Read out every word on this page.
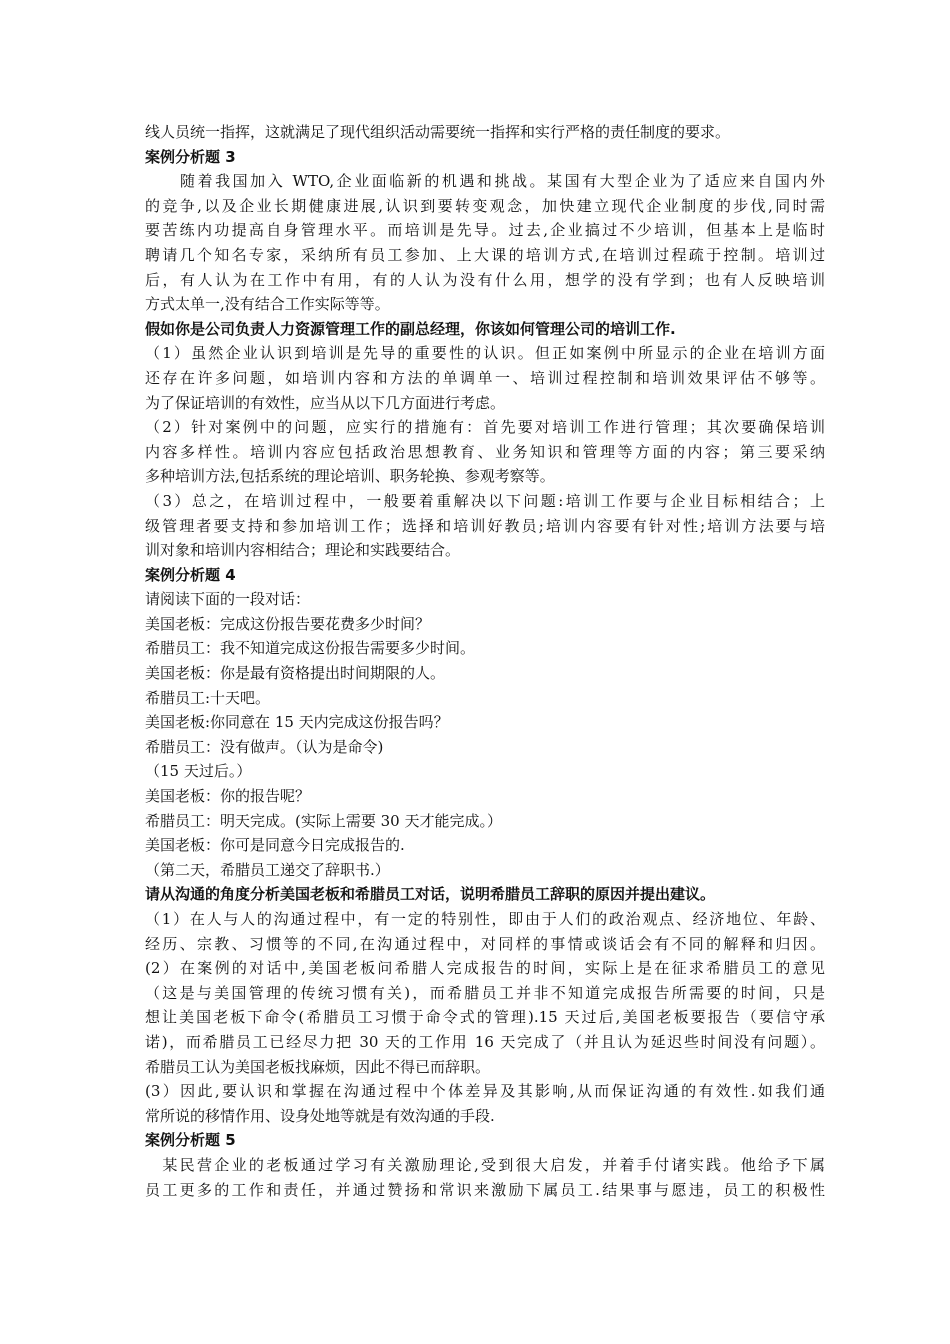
线人员统一指挥，这就满足了现代组织活动需要统一指挥和实行严格的责任制度的要求。
案例分析题 3
　　随着我国加入 WTO,企业面临新的机遇和挑战。某国有大型企业为了适应来自国内外
的竞争,以及企业长期健康进展,认识到要转变观念，加快建立现代企业制度的步伐,同时需
要苦练内功提高自身管理水平。而培训是先导。过去,企业搞过不少培训，但基本上是临时
聘请几个知名专家，采纳所有员工参加、上大课的培训方式,在培训过程疏于控制。培训过
后，有人认为在工作中有用，有的人认为没有什么用，想学的没有学到；也有人反映培训
方式太单一,没有结合工作实际等等。
假如你是公司负责人力资源管理工作的副总经理，你该如何管理公司的培训工作.
（1）虽然企业认识到培训是先导的重要性的认识。但正如案例中所显示的企业在培训方面
还存在许多问题，如培训内容和方法的单调单一、培训过程控制和培训效果评估不够等。
为了保证培训的有效性，应当从以下几方面进行考虑。
（2）针对案例中的问题，应实行的措施有：首先要对培训工作进行管理；其次要确保培训
内容多样性。培训内容应包括政治思想教育、业务知识和管理等方面的内容；第三要采纳
多种培训方法,包括系统的理论培训、职务轮换、参观考察等。
（3）总之，在培训过程中，一般要着重解决以下问题:培训工作要与企业目标相结合；上
级管理者要支持和参加培训工作；选择和培训好教员;培训内容要有针对性;培训方法要与培
训对象和培训内容相结合；理论和实践要结合。
案例分析题 4
请阅读下面的一段对话：
美国老板：完成这份报告要花费多少时间？
希腊员工：我不知道完成这份报告需要多少时间。
美国老板：你是最有资格提出时间期限的人。
希腊员工:十天吧。
美国老板:你同意在 15 天内完成这份报告吗？
希腊员工：没有做声。（认为是命令)
（15 天过后。）
美国老板：你的报告呢？
希腊员工：明天完成。(实际上需要 30 天才能完成。）
美国老板：你可是同意今日完成报告的.
（第二天，希腊员工递交了辞职书.）
请从沟通的角度分析美国老板和希腊员工对话，说明希腊员工辞职的原因并提出建议。
（1）在人与人的沟通过程中，有一定的特别性，即由于人们的政治观点、经济地位、年龄、
经历、宗教、习惯等的不同,在沟通过程中，对同样的事情或谈话会有不同的解释和归因。
(2）在案例的对话中,美国老板问希腊人完成报告的时间，实际上是在征求希腊员工的意见
（这是与美国管理的传统习惯有关)，而希腊员工并非不知道完成报告所需要的时间，只是
想让美国老板下命令(希腊员工习惯于命令式的管理).15 天过后,美国老板要报告（要信守承
诺)，而希腊员工已经尽力把 30 天的工作用 16 天完成了（并且认为延迟些时间没有问题）。
希腊员工认为美国老板找麻烦，因此不得已而辞职。
(3）因此,要认识和掌握在沟通过程中个体差异及其影响,从而保证沟通的有效性.如我们通
常所说的移情作用、设身处地等就是有效沟通的手段.
案例分析题 5
　某民营企业的老板通过学习有关激励理论,受到很大启发，并着手付诸实践。他给予下属
员工更多的工作和责任，并通过赞扬和常识来激励下属员工.结果事与愿违，员工的积极性
